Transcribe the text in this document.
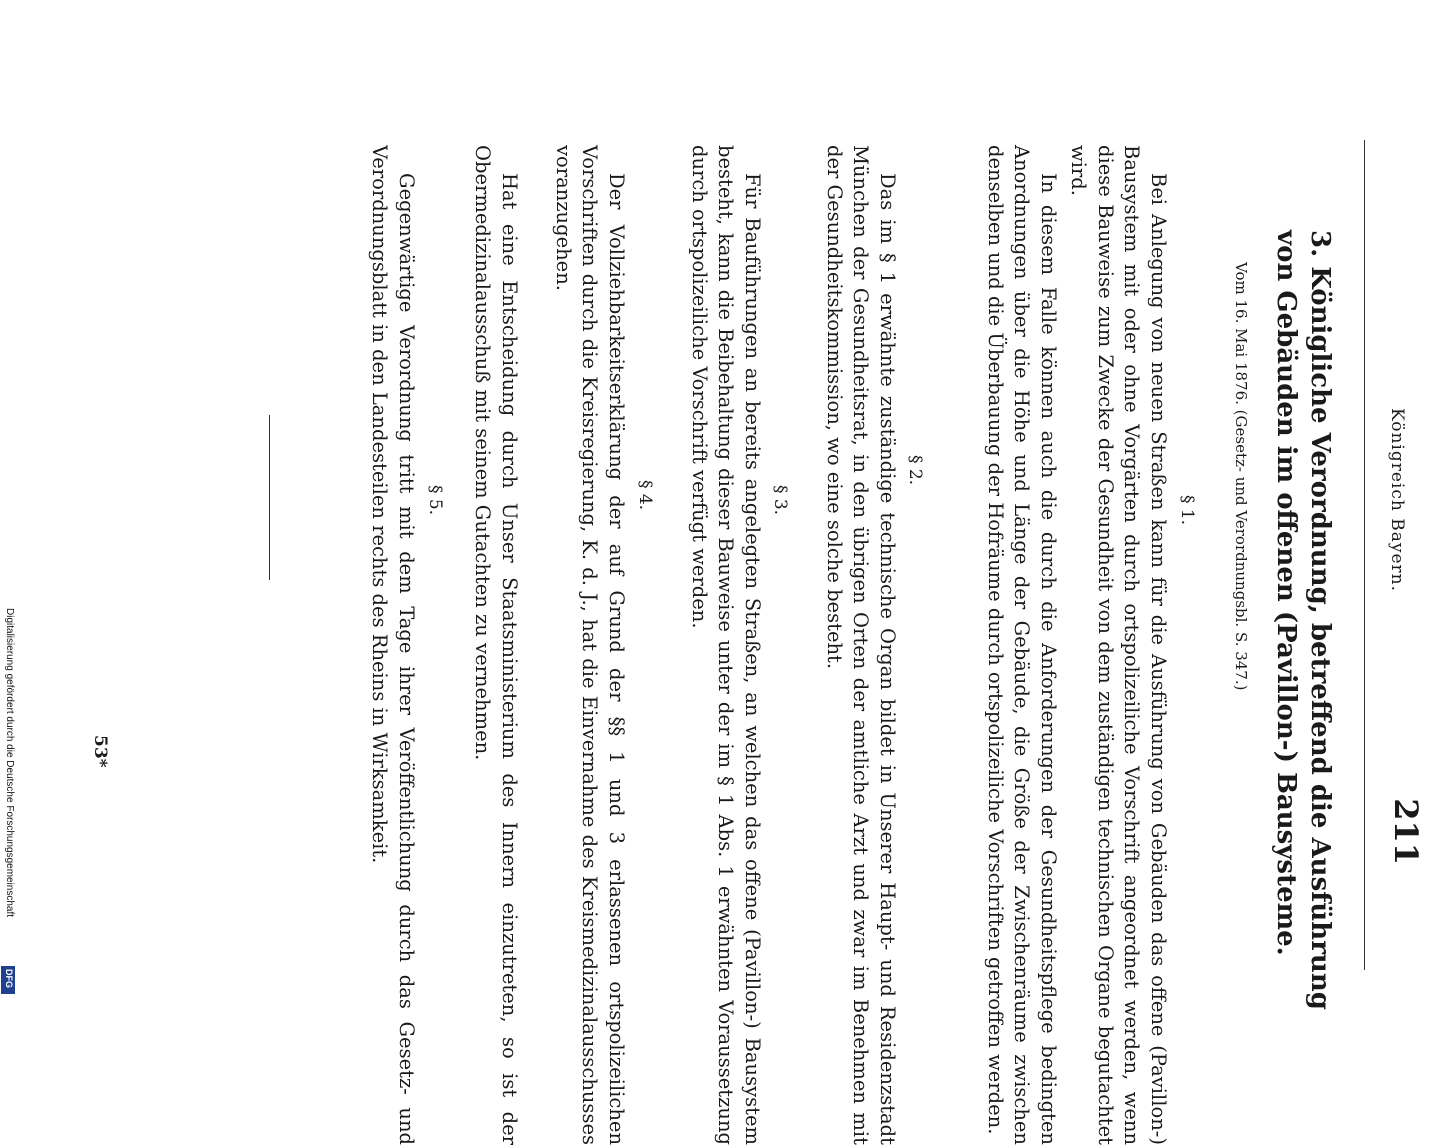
Königreich Bayern.
211
3. Königliche Verordnung, betreffend die Ausführung von Gebäuden im offenen (Pavillon-) Bausysteme.
Vom 16. Mai 1876. (Gesetz- und Verordnungsbl. S. 347.)
§ 1.
Bei Anlegung von neuen Straßen kann für die Ausführung von Gebäuden das offene (Pavillon-) Bausystem mit oder ohne Vorgärten durch ortspolizeiliche Vorschrift angeordnet werden, wenn diese Bauweise zum Zwecke der Gesundheit von dem zuständigen technischen Organe begutachtet wird.
In diesem Falle können auch die durch die Anforderungen der Gesundheitspflege bedingten Anordnungen über die Höhe und Länge der Gebäude, die Größe der Zwischenräume zwischen denselben und die Überbauung der Hofräume durch ortspolizeiliche Vorschriften getroffen werden.
§ 2.
Das im § 1 erwähnte zuständige technische Organ bildet in Unserer Haupt- und Residenzstadt München der Gesundheitsrat, in den übrigen Orten der amtliche Arzt und zwar im Benehmen mit der Gesundheitskommission, wo eine solche besteht.
§ 3.
Für Bauführungen an bereits angelegten Straßen, an welchen das offene (Pavillon-) Bausystem besteht, kann die Beibehaltung dieser Bauweise unter der im § 1 Abs. 1 erwähnten Voraussetzung durch ortspolizeiliche Vorschrift verfügt werden.
§ 4.
Der Vollziehbarkeitserklärung der auf Grund der §§ 1 und 3 erlassenen ortspolizeilichen Vorschriften durch die Kreisregierung, K. d. J., hat die Einvernahme des Kreismedizinalausschusses voranzugehen.
Hat eine Entscheidung durch Unser Staatsministerium des Innern einzutreten, so ist der Obermedizinalausschuß mit seinem Gutachten zu vernehmen.
§ 5.
Gegenwärtige Verordnung tritt mit dem Tage ihrer Veröffentlichung durch das Gesetz- und Verordnungsblatt in den Landesteilen rechts des Rheins in Wirksamkeit.
53*
Digitalisierung gefördert durch die Deutsche Forschungsgemeinschaft
DFG
